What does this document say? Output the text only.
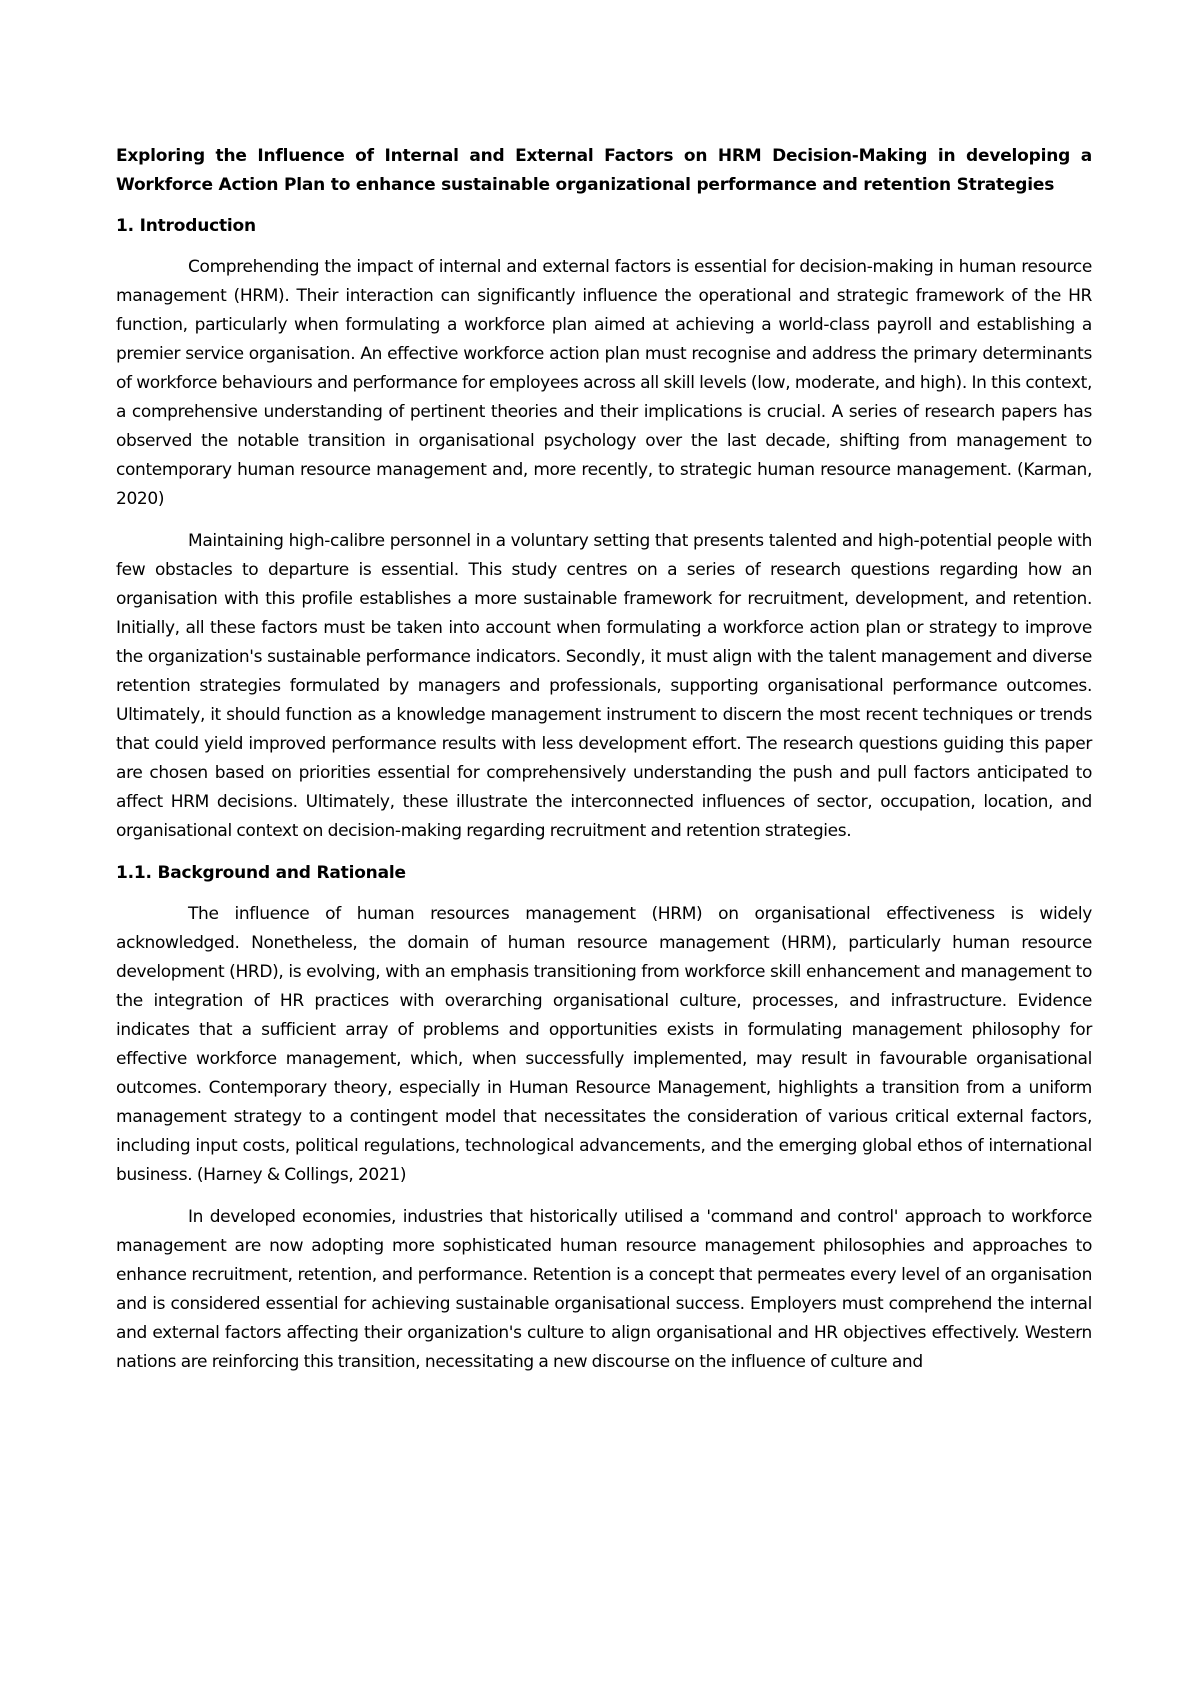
Exploring the Influence of Internal and External Factors on HRM Decision-Making in developing a Workforce Action Plan to enhance sustainable organizational performance and retention Strategies
1. Introduction

Comprehending the impact of internal and external factors is essential for decision-making in human resource management (HRM). Their interaction can significantly influence the operational and strategic framework of the HR function, particularly when formulating a workforce plan aimed at achieving a world-class payroll and establishing a premier service organisation. An effective workforce action plan must recognise and address the primary determinants of workforce behaviours and performance for employees across all skill levels (low, moderate, and high). In this context, a comprehensive understanding of pertinent theories and their implications is crucial. A series of research papers has observed the notable transition in organisational psychology over the last decade, shifting from management to contemporary human resource management and, more recently, to strategic human resource management. (Karman, 2020)

Maintaining high-calibre personnel in a voluntary setting that presents talented and high-potential people with few obstacles to departure is essential. This study centres on a series of research questions regarding how an organisation with this profile establishes a more sustainable framework for recruitment, development, and retention. Initially, all these factors must be taken into account when formulating a workforce action plan or strategy to improve the organization's sustainable performance indicators. Secondly, it must align with the talent management and diverse retention strategies formulated by managers and professionals, supporting organisational performance outcomes. Ultimately, it should function as a knowledge management instrument to discern the most recent techniques or trends that could yield improved performance results with less development effort. The research questions guiding this paper are chosen based on priorities essential for comprehensively understanding the push and pull factors anticipated to affect HRM decisions. Ultimately, these illustrate the interconnected influences of sector, occupation, location, and organisational context on decision-making regarding recruitment and retention strategies.

1.1. Background and Rationale

The influence of human resources management (HRM) on organisational effectiveness is widely acknowledged. Nonetheless, the domain of human resource management (HRM), particularly human resource development (HRD), is evolving, with an emphasis transitioning from workforce skill enhancement and management to the integration of HR practices with overarching organisational culture, processes, and infrastructure. Evidence indicates that a sufficient array of problems and opportunities exists in formulating management philosophy for effective workforce management, which, when successfully implemented, may result in favourable organisational outcomes. Contemporary theory, especially in Human Resource Management, highlights a transition from a uniform management strategy to a contingent model that necessitates the consideration of various critical external factors, including input costs, political regulations, technological advancements, and the emerging global ethos of international business. (Harney & Collings, 2021)

In developed economies, industries that historically utilised a 'command and control' approach to workforce management are now adopting more sophisticated human resource management philosophies and approaches to enhance recruitment, retention, and performance. Retention is a concept that permeates every level of an organisation and is considered essential for achieving sustainable organisational success. Employers must comprehend the internal and external factors affecting their organization's culture to align organisational and HR objectives effectively. Western nations are reinforcing this transition, necessitating a new discourse on the influence of culture and
